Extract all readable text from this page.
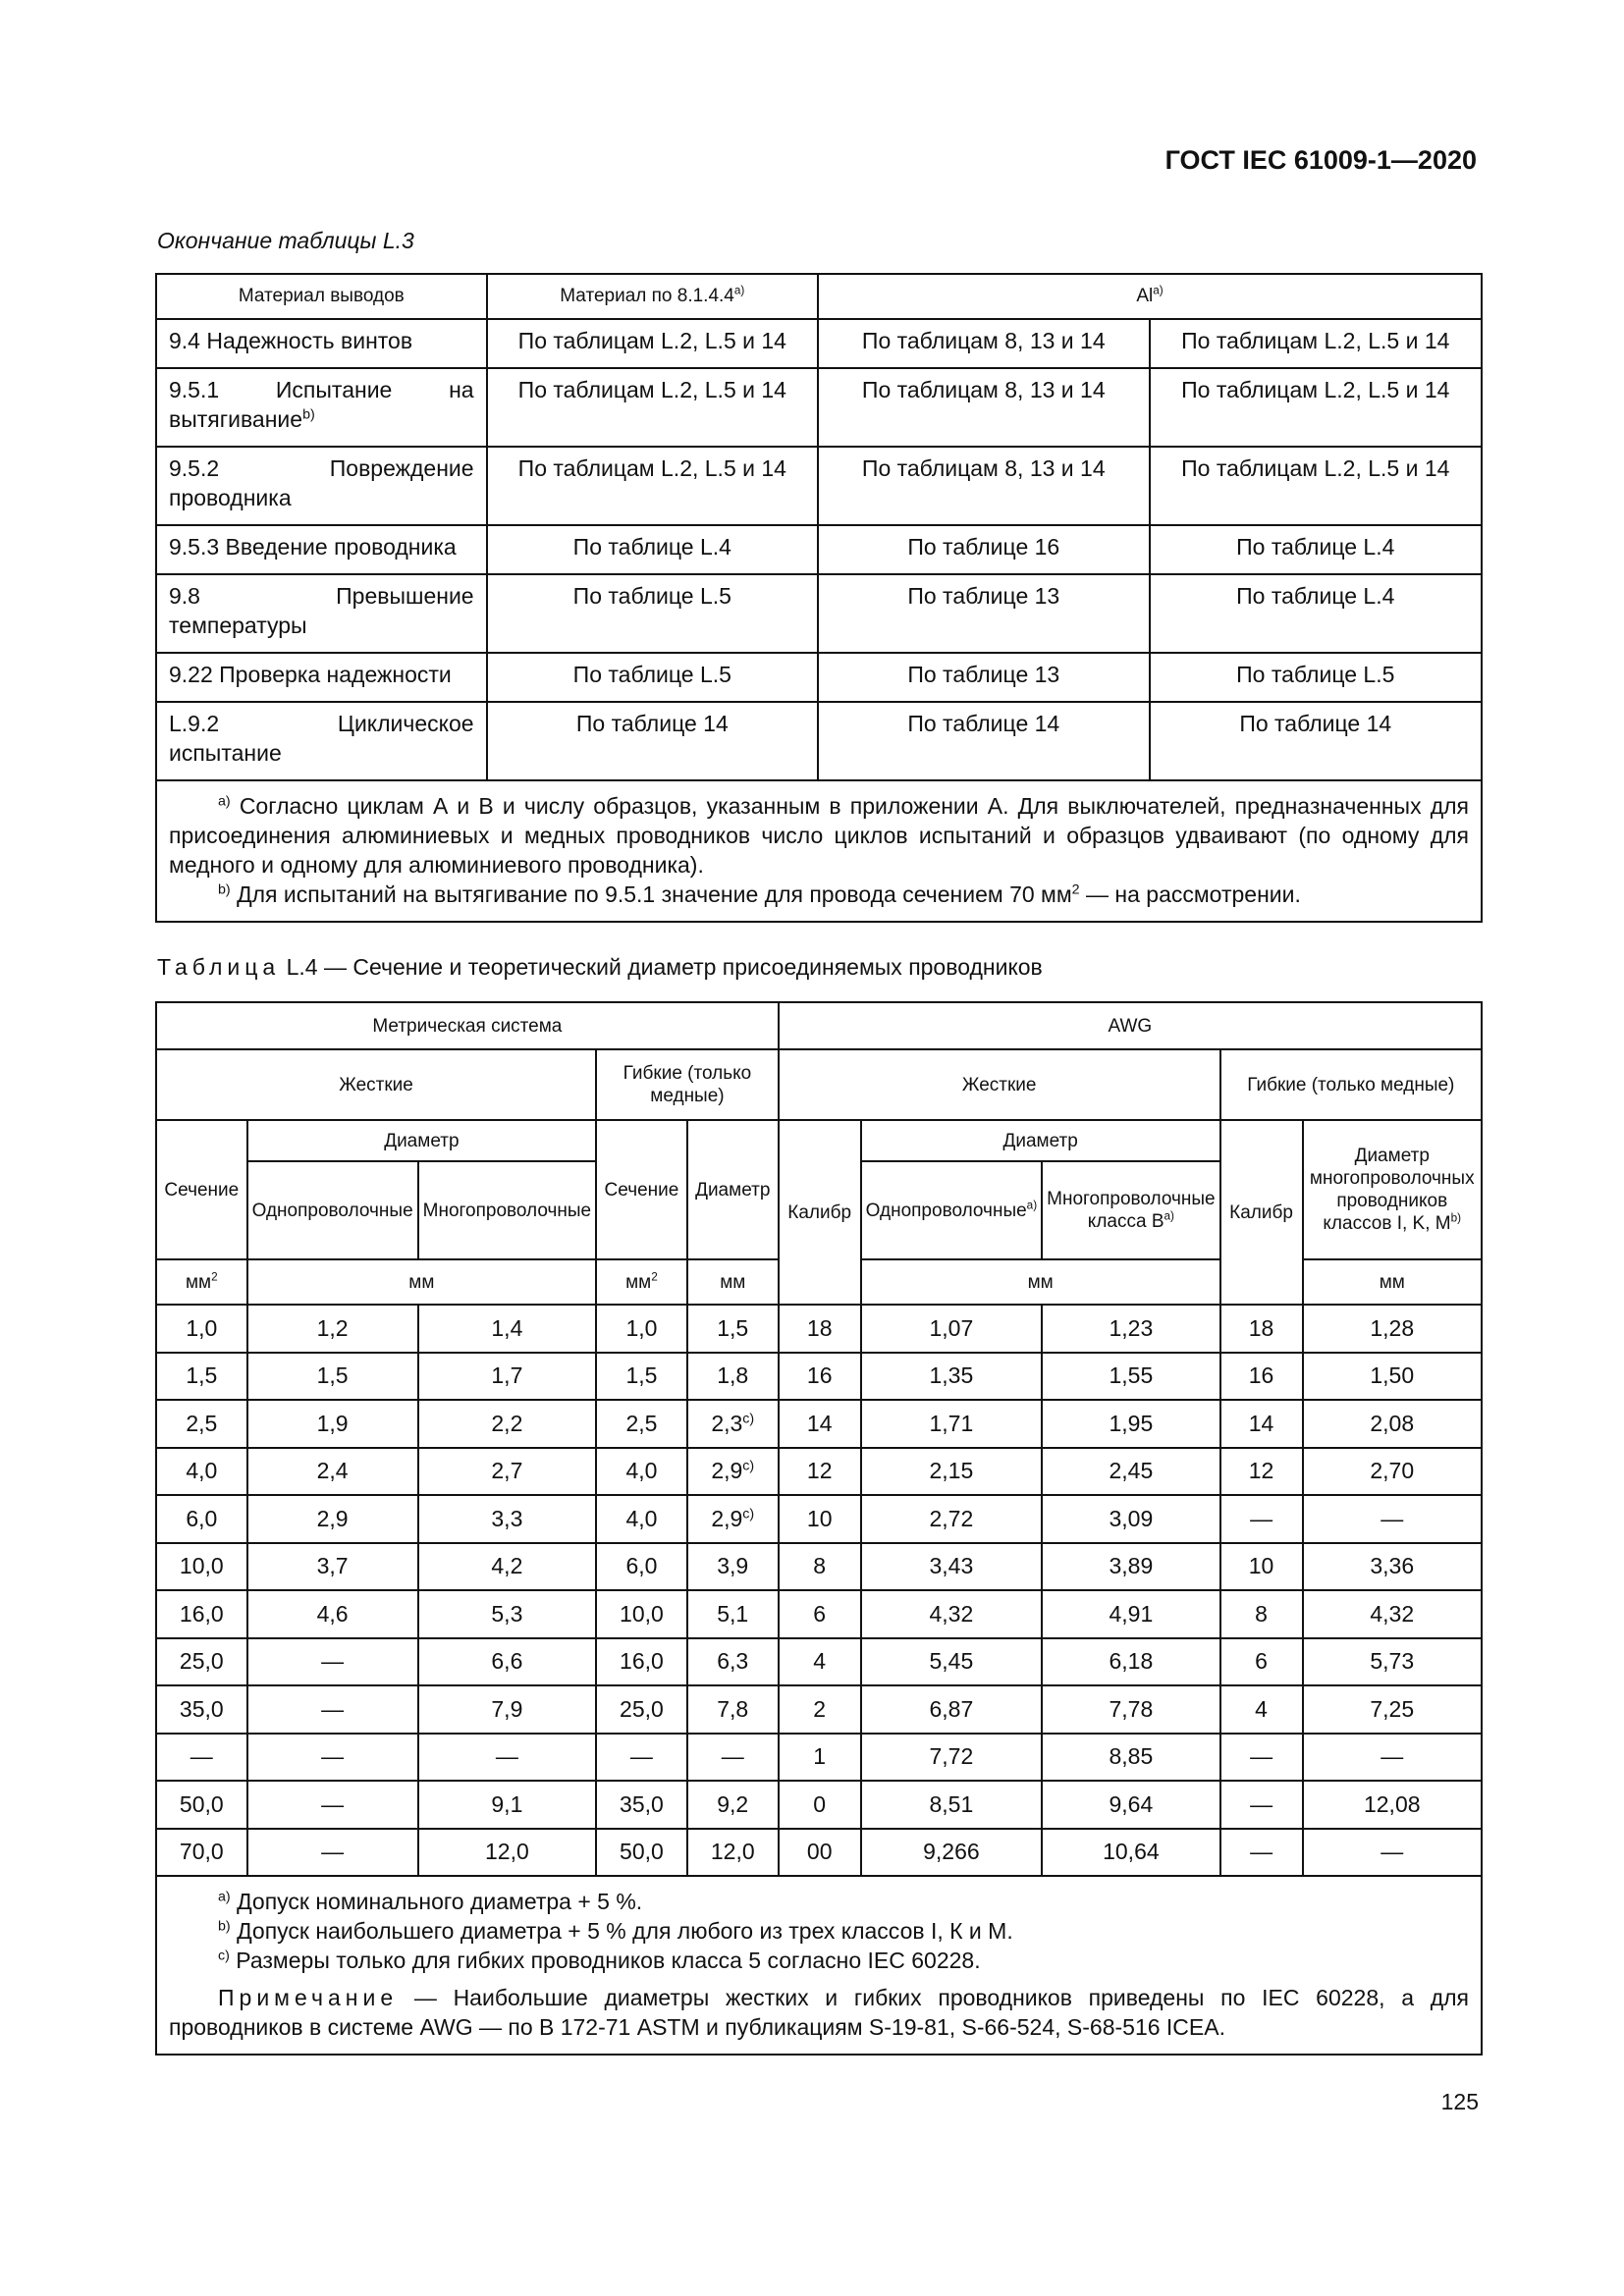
ГОСТ IEC 61009-1—2020
Окончание таблицы L.3
Материал выводов	Материал по $8.1.4.4^{а)}$	$Al^{а)}$
9.4 Надежность винтов	По таблицам L.2, L.5 и 14	По таблицам 8, 13 и 14	По таблицам L.2, L.5 и 14
9.5.1 Испытание на вытягивание$^{b)}$	По таблицам L.2, L.5 и 14	По таблицам 8, 13 и 14	По таблицам L.2, L.5 и 14
9.5.2 Повреждение проводника	По таблицам L.2, L.5 и 14	По таблицам 8, 13 и 14	По таблицам L.2, L.5 и 14
9.5.3 Введение проводника	По таблице L.4	По таблице 16	По таблице L.4
9.8 Превышение температуры	По таблице L.5	По таблице 13	По таблице L.4
9.22 Проверка надежности	По таблице L.5	По таблице 13	По таблице L.5
L.9.2 Циклическое испытание	По таблице 14	По таблице 14	По таблице 14

$^{a)}$ Согласно циклам А и В и числу образцов, указанным в приложении А. Для выключателей, предназначенных для присоединения алюминиевых и медных проводников число циклов испытаний и образцов удваивают (по одному для медного и одному для алюминиевого проводника).
$^{b)}$ Для испытаний на вытягивание по 9.5.1 значение для провода сечением 70 $мм^2$ — на рассмотрении.			
Таблица L.4 — Сечение и теоретический диаметр присоединяемых проводников
Метрическая система					AWG				
Жесткие			Гибкие (только медные)		Жесткие			Гибкие (только медные)	
Сечение	Диаметр		Сечение	Диаметр	Калибр	Диаметр		Калибр	Диаметр многопроволочных проводников классов I, K, $M^{b)}$
	Однопроволочные	Многопроволочные				Однопроволочные$^{a)}$	Многопроволочные класса $В^{a)}$
$мм^2$	мм		$мм^2$	мм		мм			мм
1,0	1,2	1,4	1,0	1,5	18	1,07	1,23	18	1,28
1,5	1,5	1,7	1,5	1,8	16	1,35	1,55	16	1,50
2,5	1,9	2,2	2,5	2,3$^{c)}$	14	1,71	1,95	14	2,08
4,0	2,4	2,7	4,0	2,9$^{c)}$	12	2,15	2,45	12	2,70
6,0	2,9	3,3	4,0	2,9$^{c)}$	10	2,72	3,09	—	—
10,0	3,7	4,2	6,0	3,9	8	3,43	3,89	10	3,36
16,0	4,6	5,3	10,0	5,1	6	4,32	4,91	8	4,32
25,0	—	6,6	16,0	6,3	4	5,45	6,18	6	5,73
35,0	—	7,9	25,0	7,8	2	6,87	7,78	4	7,25
—	—	—	—	—	1	7,72	8,85	—	—
50,0	—	9,1	35,0	9,2	0	8,51	9,64	—	12,08
70,0	—	12,0	50,0	12,0	00	9,266	10,64	—	—

$^{a)}$ Допуск номинального диаметра + 5 %.
$^{b)}$ Допуск наибольшего диаметра + 5 % для любого из трех классов I, К и М.
$^{c)}$ Размеры только для гибких проводников класса 5 согласно IEC 60228.
Примечание — Наибольшие диаметры жестких и гибких проводников приведены по IEC 60228, а для проводников в системе AWG — по В 172-71 ASTM и публикациям S-19-81, S-66-524, S-68-516 ICEA.									
125
